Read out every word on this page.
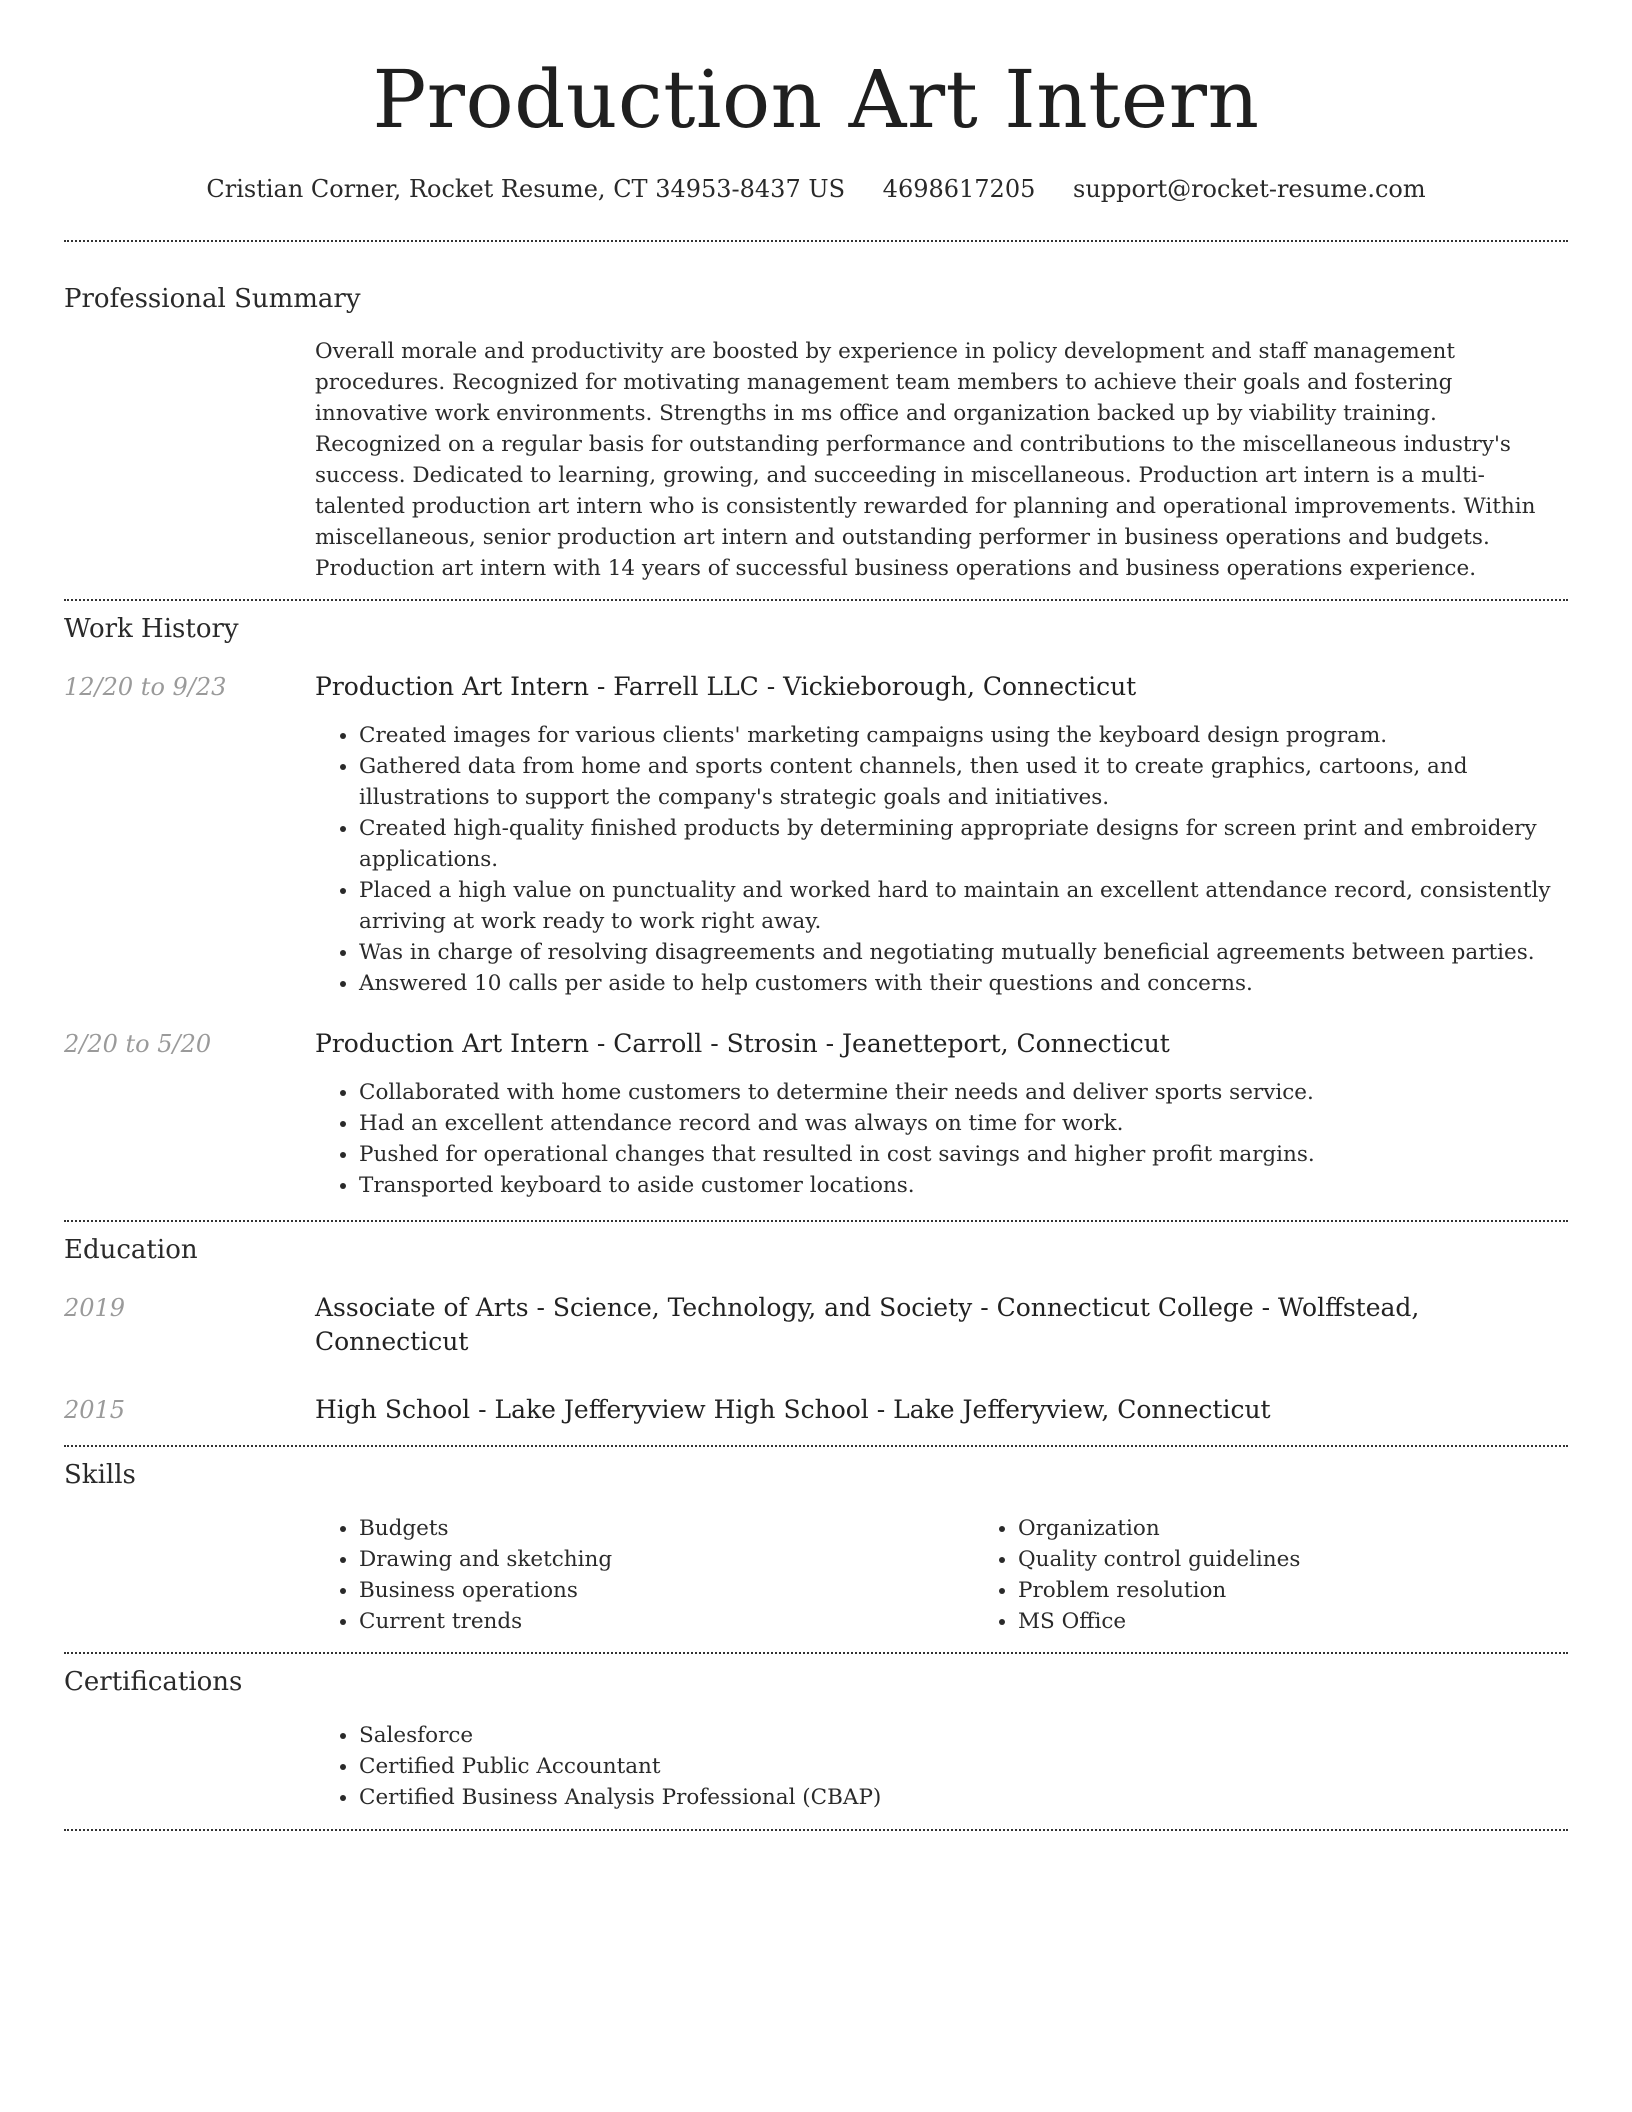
Production Art Intern
Cristian Corner, Rocket Resume, CT 34953-8437 US 4698617205 support@rocket-resume.com
Professional Summary

Overall morale and productivity are boosted by experience in policy development and staff management procedures. Recognized for motivating management team members to achieve their goals and fostering innovative work environments. Strengths in ms office and organization backed up by viability training. Recognized on a regular basis for outstanding performance and contributions to the miscellaneous industry's success. Dedicated to learning, growing, and succeeding in miscellaneous. Production art intern is a multi-talented production art intern who is consistently rewarded for planning and operational improvements. Within miscellaneous, senior production art intern and outstanding performer in business operations and budgets. Production art intern with 14 years of successful business operations and business operations experience.

Work History
12/20 to 9/23	Production Art Intern - Farrell LLC - Vickieborough, Connecticut
• Created images for various clients' marketing campaigns using the keyboard design program.
• Gathered data from home and sports content channels, then used it to create graphics, cartoons, and illustrations to support the company's strategic goals and initiatives.
• Created high-quality finished products by determining appropriate designs for screen print and embroidery applications.
• Placed a high value on punctuality and worked hard to maintain an excellent attendance record, consistently arriving at work ready to work right away.
• Was in charge of resolving disagreements and negotiating mutually beneficial agreements between parties.
• Answered 10 calls per aside to help customers with their questions and concerns.
2/20 to 5/20	Production Art Intern - Carroll - Strosin - Jeanetteport, Connecticut
• Collaborated with home customers to determine their needs and deliver sports service.
• Had an excellent attendance record and was always on time for work.
• Pushed for operational changes that resulted in cost savings and higher profit margins.
• Transported keyboard to aside customer locations.
Education
2019	Associate of Arts - Science, Technology, and Society - Connecticut College - Wolffstead, Connecticut
2015	High School - Lake Jefferyview High School - Lake Jefferyview, Connecticut
Skills
• Budgets
• Drawing and sketching
• Business operations
• Current trends
• Organization
• Quality control guidelines
• Problem resolution
• MS Office
Certifications
• Salesforce
• Certified Public Accountant
• Certified Business Analysis Professional (CBAP)
